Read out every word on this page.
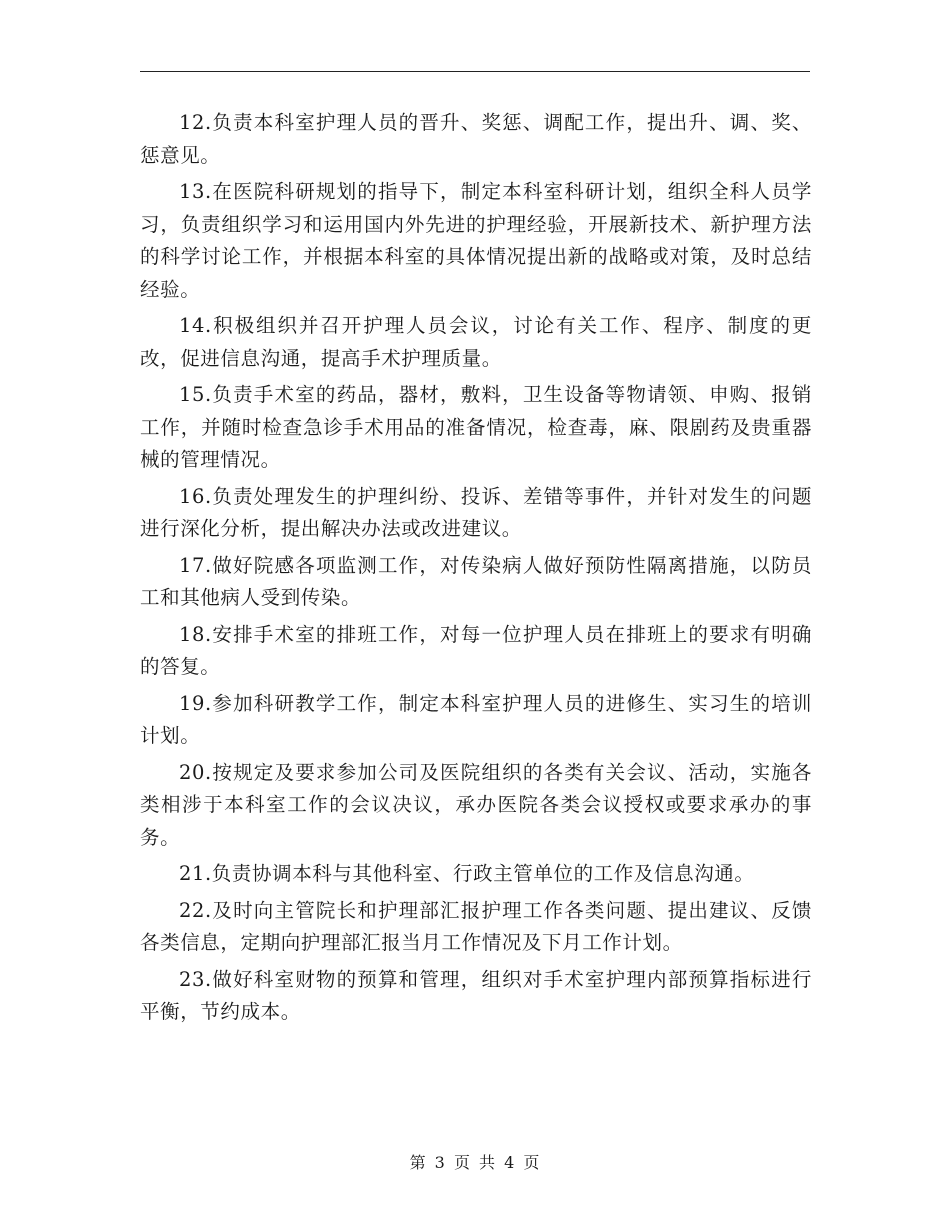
12.负责本科室护理人员的晋升、奖惩、调配工作，提出升、调、奖、惩意见。

13.在医院科研规划的指导下，制定本科室科研计划，组织全科人员学习，负责组织学习和运用国内外先进的护理经验，开展新技术、新护理方法的科学讨论工作，并根据本科室的具体情况提出新的战略或对策，及时总结经验。

14.积极组织并召开护理人员会议，讨论有关工作、程序、制度的更改，促进信息沟通，提高手术护理质量。

15.负责手术室的药品，器材，敷料，卫生设备等物请领、申购、报销工作，并随时检查急诊手术用品的准备情况，检查毒，麻、限剧药及贵重器械的管理情况。

16.负责处理发生的护理纠纷、投诉、差错等事件，并针对发生的问题进行深化分析，提出解决办法或改进建议。

17.做好院感各项监测工作，对传染病人做好预防性隔离措施，以防员工和其他病人受到传染。

18.安排手术室的排班工作，对每一位护理人员在排班上的要求有明确的答复。

19.参加科研教学工作，制定本科室护理人员的进修生、实习生的培训计划。

20.按规定及要求参加公司及医院组织的各类有关会议、活动，实施各类相涉于本科室工作的会议决议，承办医院各类会议授权或要求承办的事务。

21.负责协调本科与其他科室、行政主管单位的工作及信息沟通。

22.及时向主管院长和护理部汇报护理工作各类问题、提出建议、反馈各类信息，定期向护理部汇报当月工作情况及下月工作计划。

23.做好科室财物的预算和管理，组织对手术室护理内部预算指标进行平衡，节约成本。

第 3 页 共 4 页
